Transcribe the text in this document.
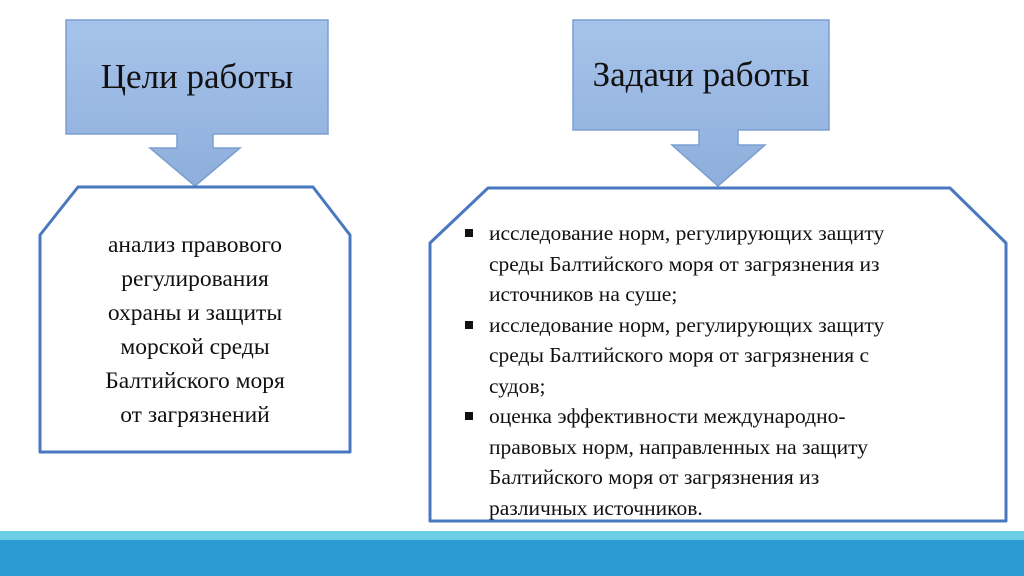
Цели работы	Задачи работы
анализ правового
регулирования
охраны и защиты
морской среды
Балтийского моря
от загрязнений
исследование норм, регулирующих защиту
среды Балтийского моря от загрязнения из
источников на суше;
исследование норм, регулирующих защиту
среды Балтийского моря от загрязнения с
судов;
оценка эффективности международно-
правовых норм, направленных на защиту
Балтийского моря от загрязнения из
различных источников.
